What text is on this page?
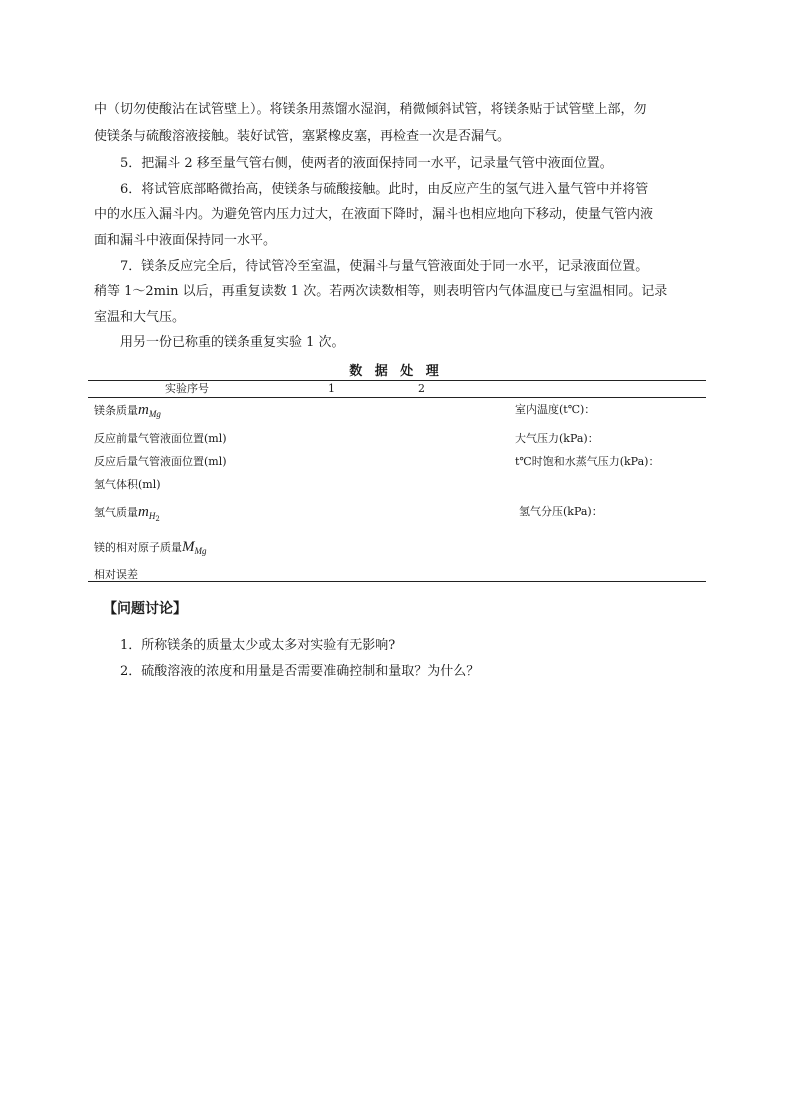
中（切勿使酸沾在试管壁上）。将镁条用蒸馏水湿润，稍微倾斜试管，将镁条贴于试管壁上部，勿
使镁条与硫酸溶液接触。装好试管，塞紧橡皮塞，再检查一次是否漏气。
5．把漏斗 2 移至量气管右侧，使两者的液面保持同一水平，记录量气管中液面位置。
6．将试管底部略微抬高，使镁条与硫酸接触。此时，由反应产生的氢气进入量气管中并将管
中的水压入漏斗内。为避免管内压力过大，在液面下降时，漏斗也相应地向下移动，使量气管内液
面和漏斗中液面保持同一水平。
7．镁条反应完全后，待试管冷至室温，使漏斗与量气管液面处于同一水平，记录液面位置。
稍等 1～2min 以后，再重复读数 1 次。若两次读数相等，则表明管内气体温度已与室温相同。记录
室温和大气压。
用另一份已称重的镁条重复实验 1 次。
数 据 处 理
实验序号	1	2
镁条质量$m_{Mg}$
反应前量气管液面位置(ml)
反应后量气管液面位置(ml)
氢气体积(ml)
氢气质量$m_{H2}$
镁的相对原子质量$M_{Mg}$
相对误差
室内温度(t℃)：
大气压力(kPa)：
t℃时饱和水蒸气压力(kPa)：
氢气分压(kPa)：
【问题讨论】
1．所称镁条的质量太少或太多对实验有无影响?
2．硫酸溶液的浓度和用量是否需要准确控制和量取？为什么？
